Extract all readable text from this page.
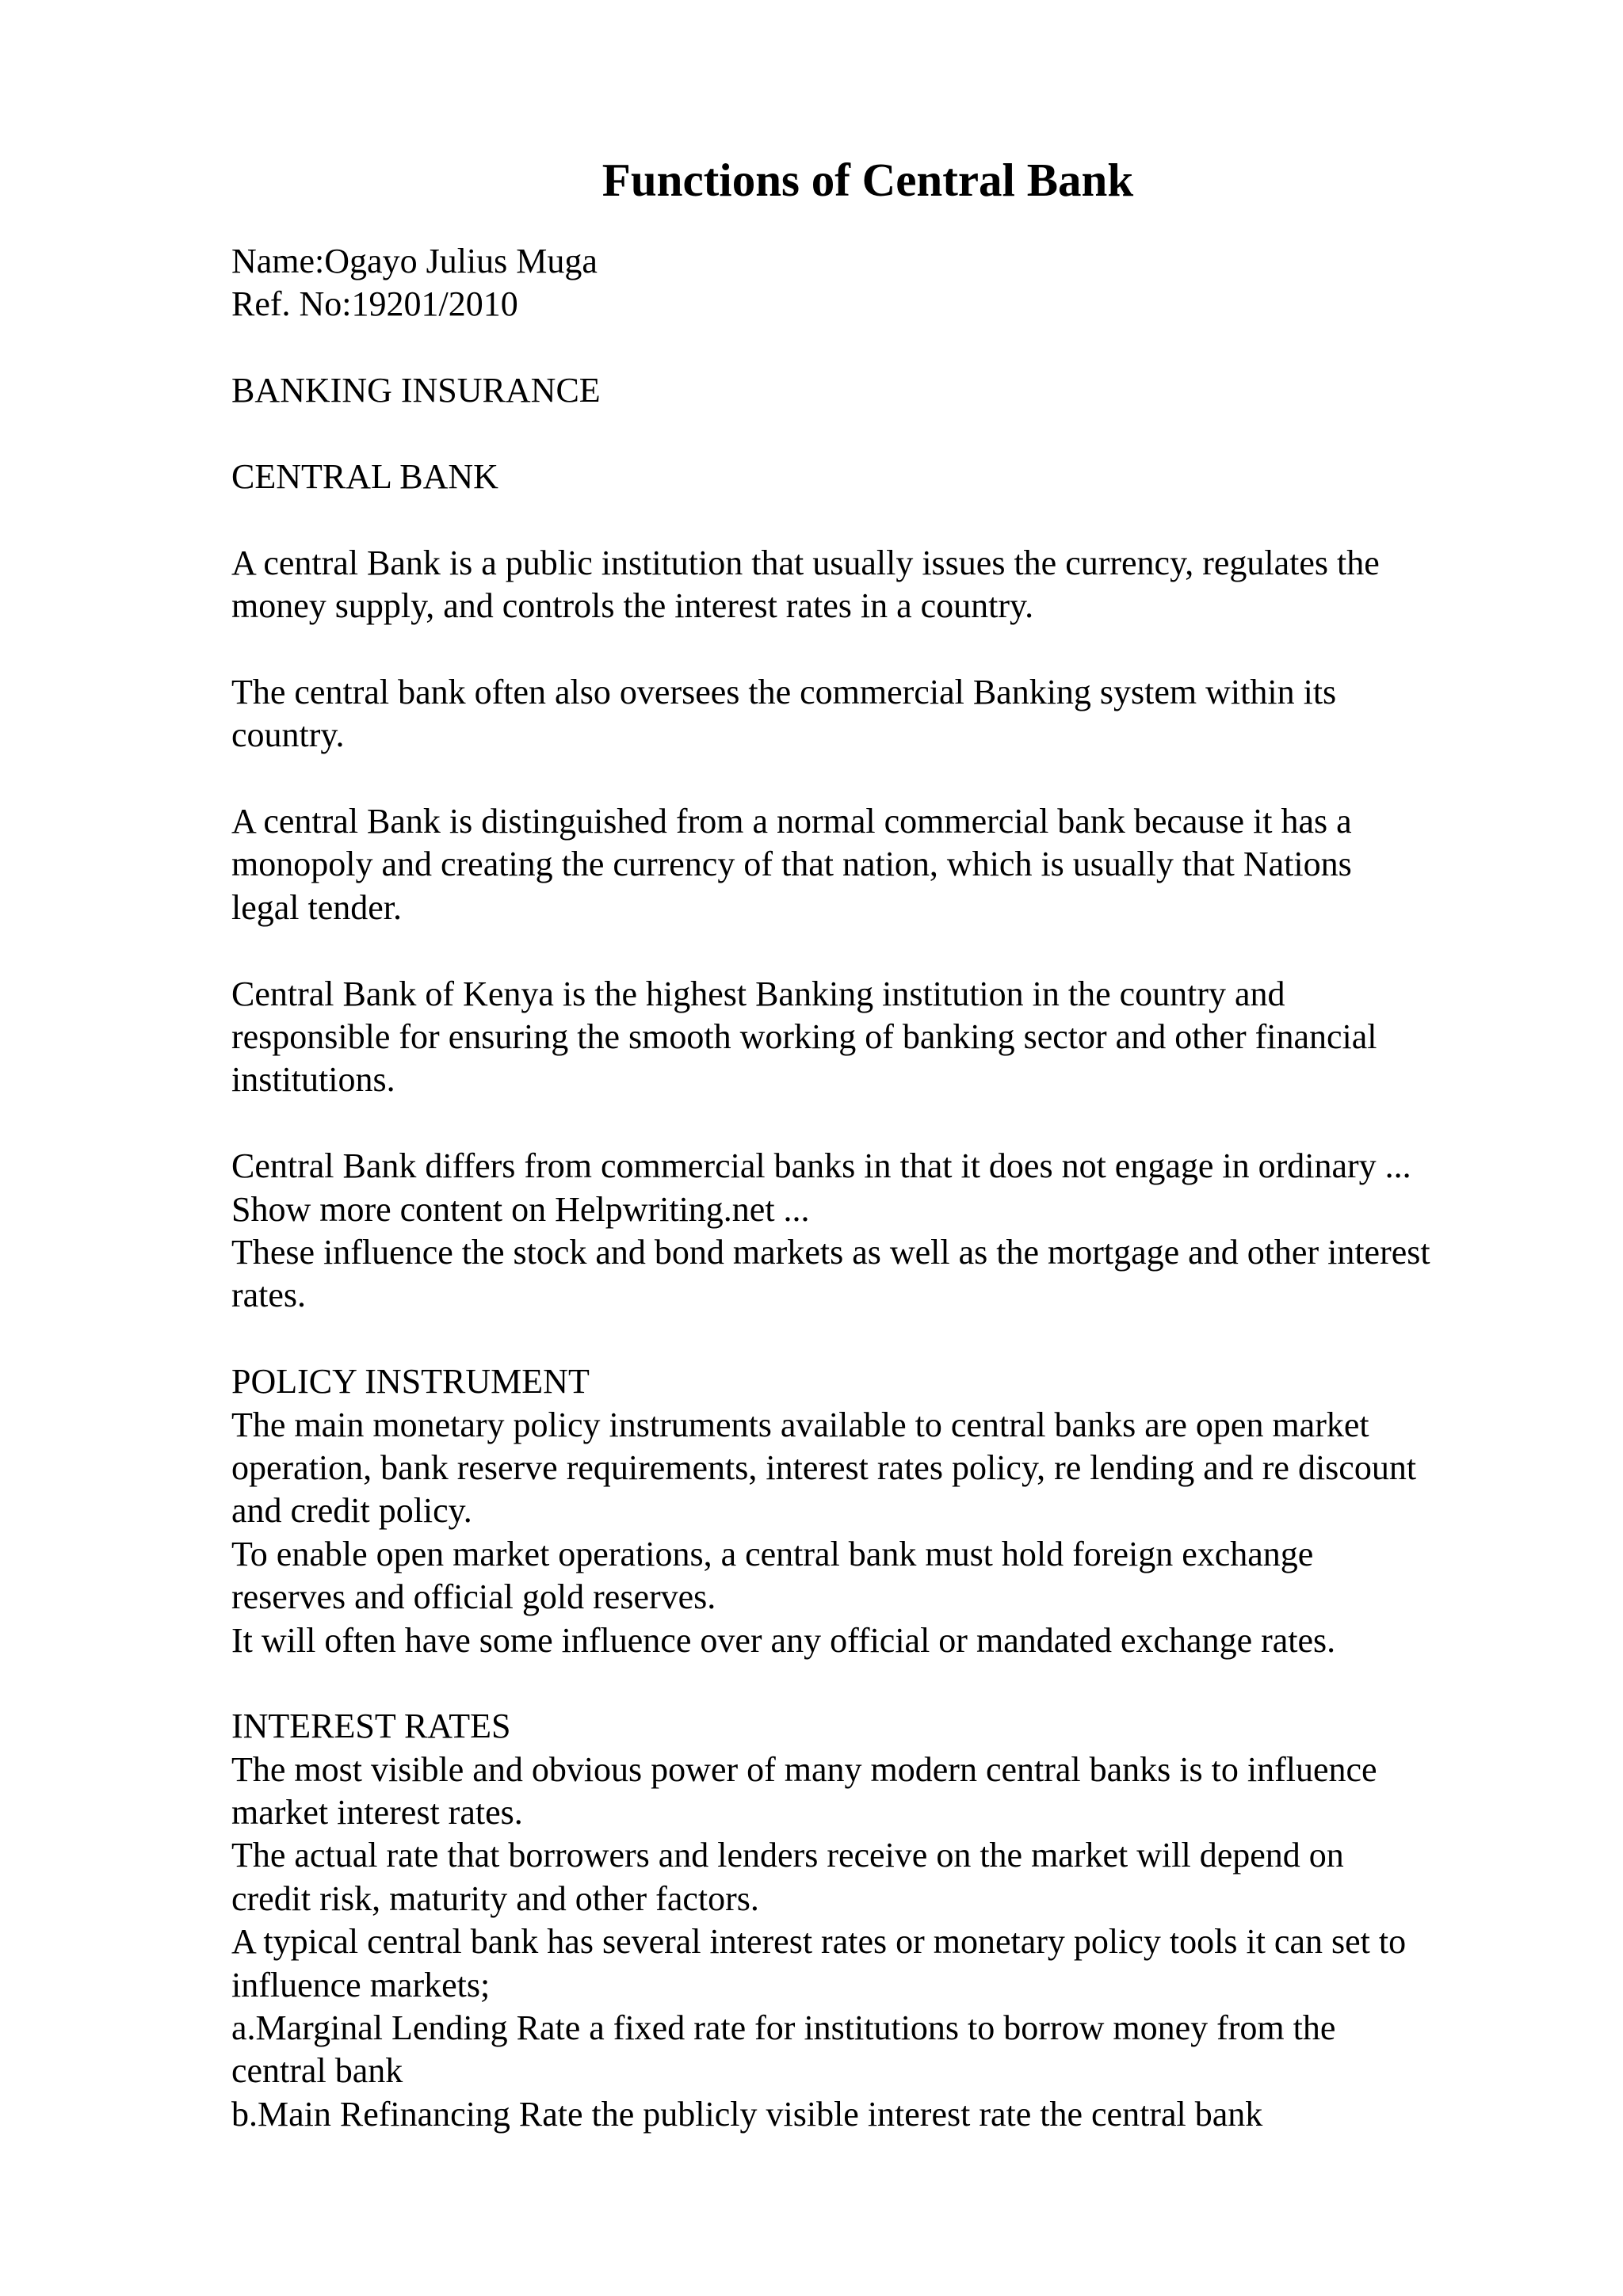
Functions of Central Bank
Name:Ogayo Julius Muga
Ref. No:19201/2010
BANKING INSURANCE
CENTRAL BANK
A central Bank is a public institution that usually issues the currency, regulates the
money supply, and controls the interest rates in a country.
The central bank often also oversees the commercial Banking system within its
country.
A central Bank is distinguished from a normal commercial bank because it has a
monopoly and creating the currency of that nation, which is usually that Nations
legal tender.
Central Bank of Kenya is the highest Banking institution in the country and
responsible for ensuring the smooth working of banking sector and other financial
institutions.
Central Bank differs from commercial banks in that it does not engage in ordinary ...
Show more content on Helpwriting.net ...
These influence the stock and bond markets as well as the mortgage and other interest
rates.
POLICY INSTRUMENT
The main monetary policy instruments available to central banks are open market
operation, bank reserve requirements, interest rates policy, re lending and re discount
and credit policy.
To enable open market operations, a central bank must hold foreign exchange
reserves and official gold reserves.
It will often have some influence over any official or mandated exchange rates.
INTEREST RATES
The most visible and obvious power of many modern central banks is to influence
market interest rates.
The actual rate that borrowers and lenders receive on the market will depend on
credit risk, maturity and other factors.
A typical central bank has several interest rates or monetary policy tools it can set to
influence markets;
a.Marginal Lending Rate a fixed rate for institutions to borrow money from the
central bank
b.Main Refinancing Rate the publicly visible interest rate the central bank
